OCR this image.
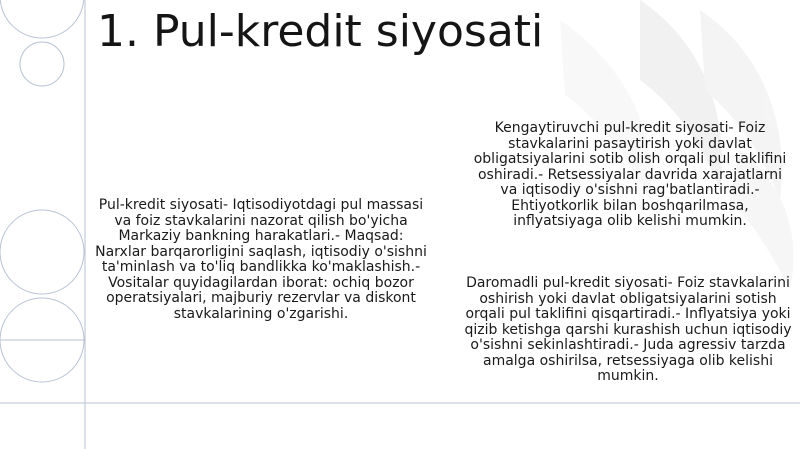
1. Pul-kredit siyosati
Pul-kredit siyosati- Iqtisodiyotdagi pul massasi va foiz stavkalarini nazorat qilish bo'yicha Markaziy bankning harakatlari.- Maqsad: Narxlar barqarorligini saqlash, iqtisodiy o'sishni ta'minlash va to'liq bandlikka ko'maklashish.- Vositalar quyidagilardan iborat: ochiq bozor operatsiyalari, majburiy rezervlar va diskont stavkalarining o'zgarishi.
Kengaytiruvchi pul-kredit siyosati- Foiz stavkalarini pasaytirish yoki davlat obligatsiyalarini sotib olish orqali pul taklifini oshiradi.- Retsessiyalar davrida xarajatlarni va iqtisodiy o'sishni rag'batlantiradi.- Ehtiyotkorlik bilan boshqarilmasa, inflyatsiyaga olib kelishi mumkin.
Daromadli pul-kredit siyosati- Foiz stavkalarini oshirish yoki davlat obligatsiyalarini sotish orqali pul taklifini qisqartiradi.- Inflyatsiya yoki qizib ketishga qarshi kurashish uchun iqtisodiy o'sishni sekinlashtiradi.- Juda agressiv tarzda amalga oshirilsa, retsessiyaga olib kelishi mumkin.
